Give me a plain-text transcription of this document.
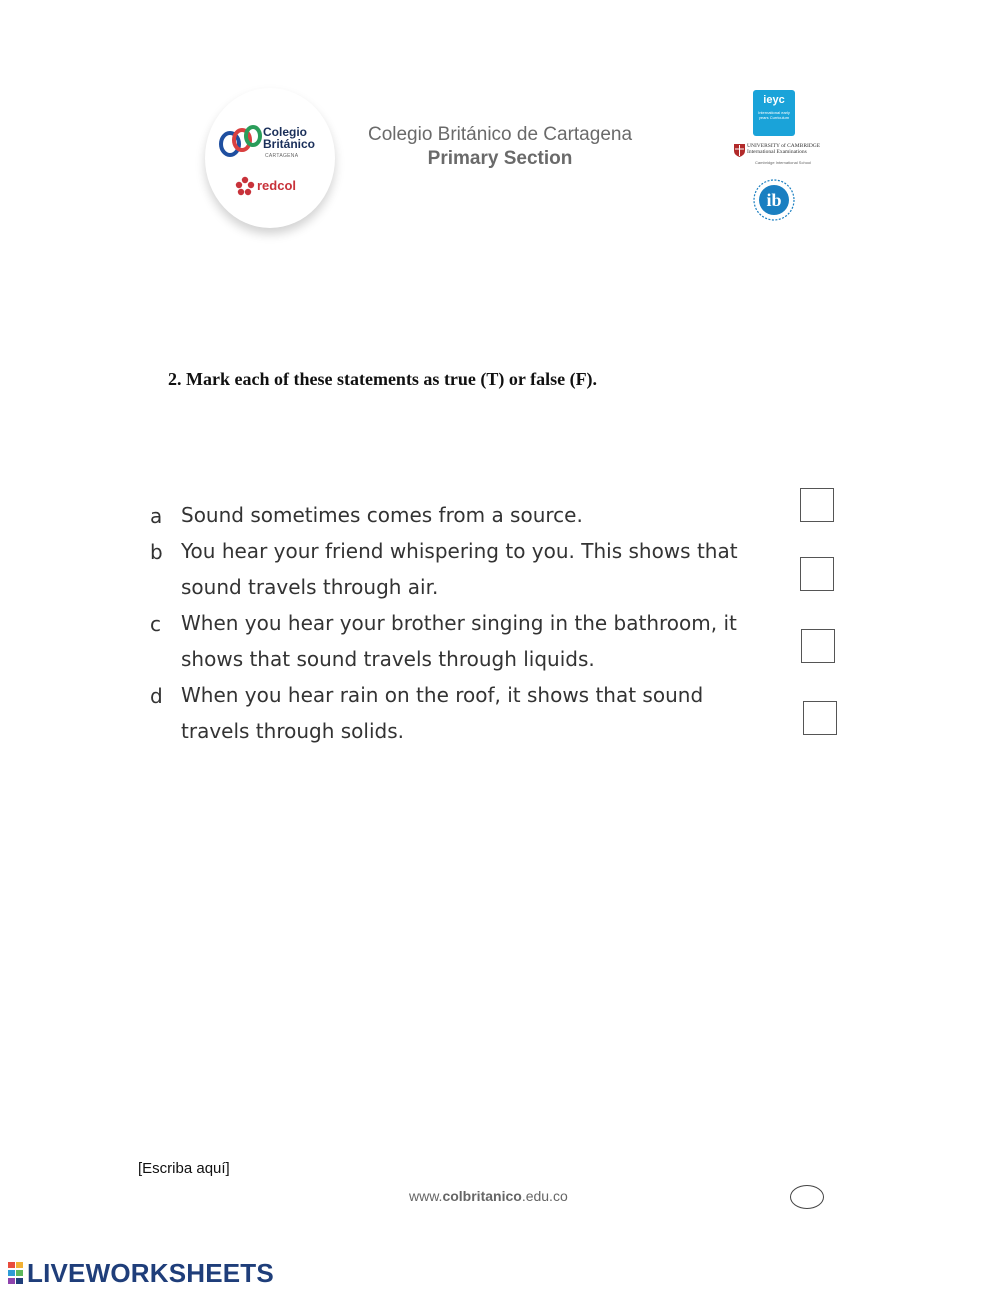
Colegio
Británico
CARTAGENA
redcol
Colegio Británico de Cartagena
Primary Section
ieyc
International early years Curriculum
UNIVERSITY of CAMBRIDGE
International Examinations
Cambridge International School
ib
2. Mark each of these statements as true (T) or false (F).
a Sound sometimes comes from a source.
b You hear your friend whispering to you. This shows that sound travels through air.
c When you hear your brother singing in the bathroom, it shows that sound travels through liquids.
d When you hear rain on the roof, it shows that sound travels through solids.
[Escriba aquí]
www.colbritanico.edu.co
LIVEWORKSHEETS
